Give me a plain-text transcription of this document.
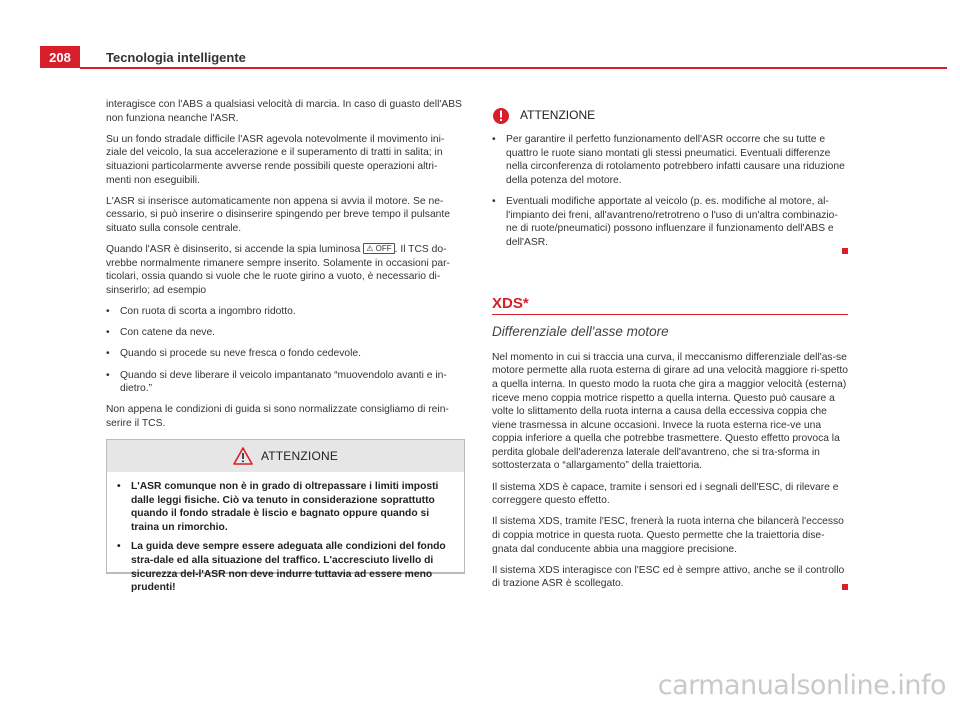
208	Tecnologia intelligente

interagisce con l'ABS a qualsiasi velocità di marcia. In caso di guasto dell'ABS non funziona neanche l'ASR.

Su un fondo stradale difficile l'ASR agevola notevolmente il movimento ini-ziale del veicolo, la sua accelerazione e il superamento di tratti in salita; in situazioni particolarmente avverse rende possibili queste operazioni altri-menti non eseguibili.

L'ASR si inserisce automaticamente non appena si avvia il motore. Se ne-cessario, si può inserire o disinserire spingendo per breve tempo il pulsante situato sulla console centrale.

Quando l'ASR è disinserito, si accende la spia luminosa ⚠ OFF . Il TCS do-vrebbe normalmente rimanere sempre inserito. Solamente in occasioni par-ticolari, ossia quando si vuole che le ruote girino a vuoto, è necessario di-sinserirlo; ad esempio

•	Con ruota di scorta a ingombro ridotto.
•	Con catene da neve.
•	Quando si procede su neve fresca o fondo cedevole.
•	Quando si deve liberare il veicolo impantanato “muovendolo avanti e in-dietro.”

Non appena le condizioni di guida si sono normalizzate consigliamo di rein-serire il TCS.

ATTENZIONE
•	L'ASR comunque non è in grado di oltrepassare i limiti imposti dalle leggi fisiche. Ciò va tenuto in considerazione soprattutto quando il fondo stradale è liscio e bagnato oppure quando si traina un rimorchio.
•	La guida deve sempre essere adeguata alle condizioni del fondo stra-dale ed alla situazione del traffico. L'accresciuto livello di sicurezza del-l'ASR non deve indurre tuttavia ad essere meno prudenti!
ATTENZIONE
•	Per garantire il perfetto funzionamento dell'ASR occorre che su tutte e quattro le ruote siano montati gli stessi pneumatici. Eventuali differenze nella circonferenza di rotolamento potrebbero infatti causare una riduzione della potenza del motore.
•	Eventuali modifiche apportate al veicolo (p. es. modifiche al motore, al-l'impianto dei freni, all'avantreno/retrotreno o l'uso di un'altra combinazio-ne di ruote/pneumatici) possono influenzare il funzionamento dell'ABS e dell'ASR.
XDS*
Differenziale dell'asse motore

Nel momento in cui si traccia una curva, il meccanismo differenziale dell'as-se motore permette alla ruota esterna di girare ad una velocità maggiore ri-spetto a quella interna. In questo modo la ruota che gira a maggior velocità (esterna) riceve meno coppia motrice rispetto a quella interna. Questo può causare a volte lo slittamento della ruota interna a causa della eccessiva coppia che viene trasmessa in alcune occasioni. Invece la ruota esterna rice-ve una coppia inferiore a quella che potrebbe trasmettere. Questo effetto provoca la perdita globale dell'aderenza laterale dell'avantreno, che si tra-sforma in sottosterzata o “allargamento” della traiettoria.

Il sistema XDS è capace, tramite i sensori ed i segnali dell'ESC, di rilevare e correggere questo effetto.

Il sistema XDS, tramite l'ESC, frenerà la ruota interna che bilancerà l'eccesso di coppia motrice in questa ruota. Questo permette che la traiettoria dise-gnata dal conducente abbia una maggiore precisione.

Il sistema XDS interagisce con l'ESC ed è sempre attivo, anche se il controllo di trazione ASR è scollegato.

carmanualsonline.info
